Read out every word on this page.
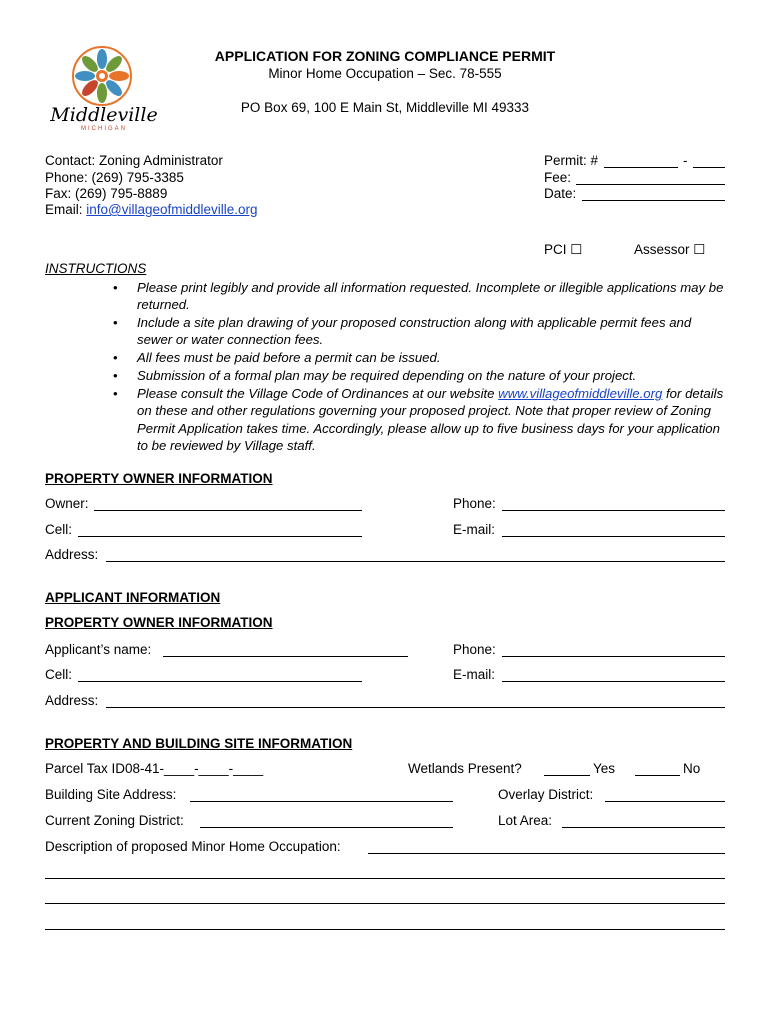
Middleville
MICHIGAN
APPLICATION FOR ZONING COMPLIANCE PERMIT
Minor Home Occupation – Sec. 78-555
PO Box 69, 100 E Main St, Middleville MI 49333
Contact: Zoning Administrator
Phone: (269) 795-3385
Fax: (269) 795-8889
Email: info@villageofmiddleville.org
Permit: #	-
Fee:
Date:
PCI ☐	Assessor ☐
INSTRUCTIONS
• Please print legibly and provide all information requested. Incomplete or illegible applications may be returned.
• Include a site plan drawing of your proposed construction along with applicable permit fees and sewer or water connection fees.
• All fees must be paid before a permit can be issued.
• Submission of a formal plan may be required depending on the nature of your project.
• Please consult the Village Code of Ordinances at our website www.villageofmiddleville.org for details on these and other regulations governing your proposed project. Note that proper review of Zoning Permit Application takes time. Accordingly, please allow up to five business days for your application to be reviewed by Village staff.
PROPERTY OWNER INFORMATION
Owner:	Phone:
Cell:	E-mail:
Address:
APPLICANT INFORMATION
PROPERTY OWNER INFORMATION
Applicant’s name:	Phone:
Cell:	E-mail:
Address:
PROPERTY AND BUILDING SITE INFORMATION
Parcel Tax ID08-41-____-____-____	Wetlands Present?	Yes	No
Building Site Address:	Overlay District:
Current Zoning District:	Lot Area:
Description of proposed Minor Home Occupation:
